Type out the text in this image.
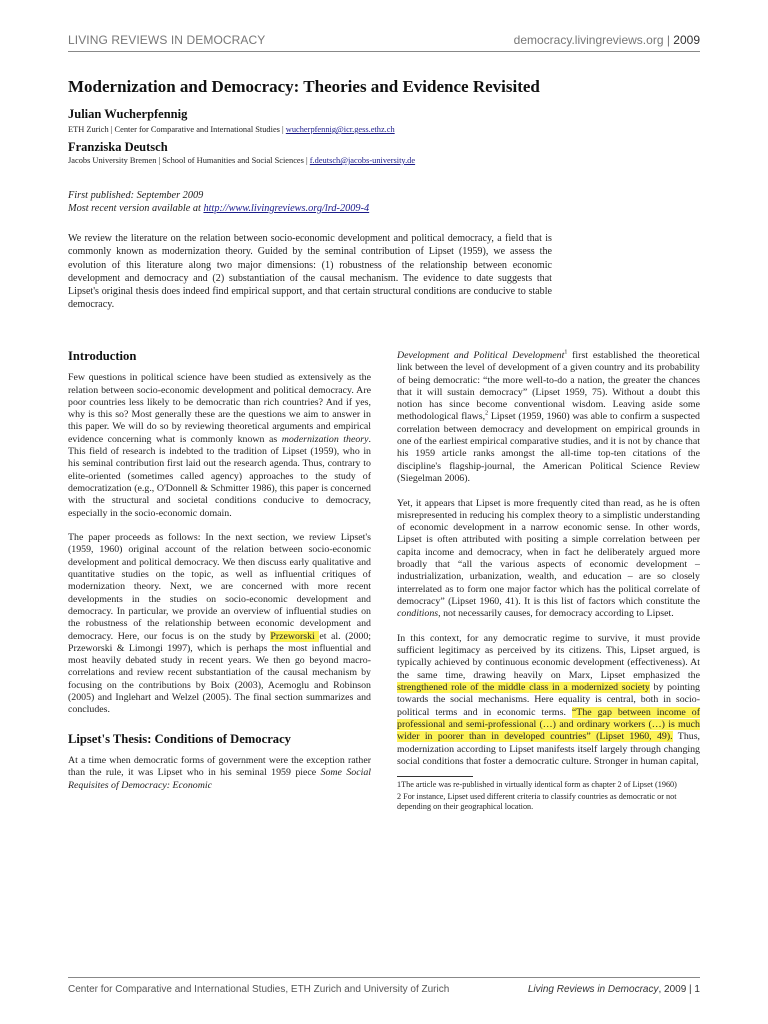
LIVING REVIEWS IN DEMOCRACY	democracy.livingreviews.org | 2009
Modernization and Democracy: Theories and Evidence Revisited
Julian Wucherpfennig
ETH Zurich | Center for Comparative and International Studies | wucherpfennig@icr.gess.ethz.ch
Franziska Deutsch
Jacobs University Bremen | School of Humanities and Social Sciences | f.deutsch@jacobs-university.de
First published: September 2009
Most recent version available at http://www.livingreviews.org/lrd-2009-4
We review the literature on the relation between socio-economic development and political democracy, a field that is commonly known as modernization theory. Guided by the seminal contribution of Lipset (1959), we assess the evolution of this literature along two major dimensions: (1) robustness of the relationship between economic development and democracy and (2) substantiation of the causal mechanism. The evidence to date suggests that Lipset's original thesis does indeed find empirical support, and that certain structural conditions are conducive to stable democracy.
Introduction

Few questions in political science have been studied as extensively as the relation between socio-economic development and political democracy. Are poor countries less likely to be democratic than rich countries? And if yes, why is this so? Most generally these are the questions we aim to answer in this paper. We will do so by reviewing theoretical arguments and empirical evidence concerning what is commonly known as modernization theory. This field of research is indebted to the tradition of Lipset (1959), who in his seminal contribution first laid out the research agenda. Thus, contrary to elite-oriented (sometimes called agency) approaches to the study of democratization (e.g., O'Donnell & Schmitter 1986), this paper is concerned with the structural and societal conditions conducive to democracy, especially in the socio-economic domain.

The paper proceeds as follows: In the next section, we review Lipset's (1959, 1960) original account of the relation between socio-economic development and political democracy. We then discuss early qualitative and quantitative studies on the topic, as well as influential critiques of modernization theory. Next, we are concerned with more recent developments in the studies on socio-economic development and democracy. In particular, we provide an overview of influential studies on the robustness of the relationship between economic development and democracy. Here, our focus is on the study by Przeworski et al. (2000; Przeworski & Limongi 1997), which is perhaps the most influential and most heavily debated study in recent years. We then go beyond macro-correlations and review recent substantiation of the causal mechanism by focusing on the contributions by Boix (2003), Acemoglu and Robinson (2005) and Inglehart and Welzel (2005). The final section summarizes and concludes.

Lipset's Thesis: Conditions of Democracy

At a time when democratic forms of government were the exception rather than the rule, it was Lipset who in his seminal 1959 piece Some Social Requisites of Democracy: Economic

Development and Political Development$^1$ first established the theoretical link between the level of development of a given country and its probability of being democratic: “the more well-to-do a nation, the greater the chances that it will sustain democracy” (Lipset 1959, 75). Without a doubt this notion has since become conventional wisdom. Leaving aside some methodological flaws,$^2$ Lipset (1959, 1960) was able to confirm a suspected correlation between democracy and development on empirical grounds in one of the earliest empirical comparative studies, and it is not by chance that his 1959 article ranks amongst the all-time top-ten citations of the discipline's flagship-journal, the American Political Science Review (Siegelman 2006).

Yet, it appears that Lipset is more frequently cited than read, as he is often misrepresented in reducing his complex theory to a simplistic understanding of economic development in a narrow economic sense. In other words, Lipset is often attributed with positing a simple correlation between per capita income and democracy, when in fact he deliberately argued more broadly that “all the various aspects of economic development – industrialization, urbanization, wealth, and education – are so closely interrelated as to form one major factor which has the political correlate of democracy” (Lipset 1960, 41). It is this list of factors which constitute the conditions, not necessarily causes, for democracy according to Lipset.

In this context, for any democratic regime to survive, it must provide sufficient legitimacy as perceived by its citizens. This, Lipset argued, is typically achieved by continuous economic development (effectiveness). At the same time, drawing heavily on Marx, Lipset emphasized the strengthened role of the middle class in a modernized society by pointing towards the social mechanisms. Here equality is central, both in socio-political terms and in economic terms. “The gap between income of professional and semi-professional (…) and ordinary workers (…) is much wider in poorer than in developed countries” (Lipset 1960, 49). Thus, modernization according to Lipset manifests itself largely through changing social conditions that foster a democratic culture. Stronger in human capital,

1The article was re-published in virtually identical form as chapter 2 of Lipset (1960)

2 For instance, Lipset used different criteria to classify countries as democratic or not depending on their geographical location.

Center for Comparative and International Studies, ETH Zurich and University of Zurich	Living Reviews in Democracy, 2009 | 1
